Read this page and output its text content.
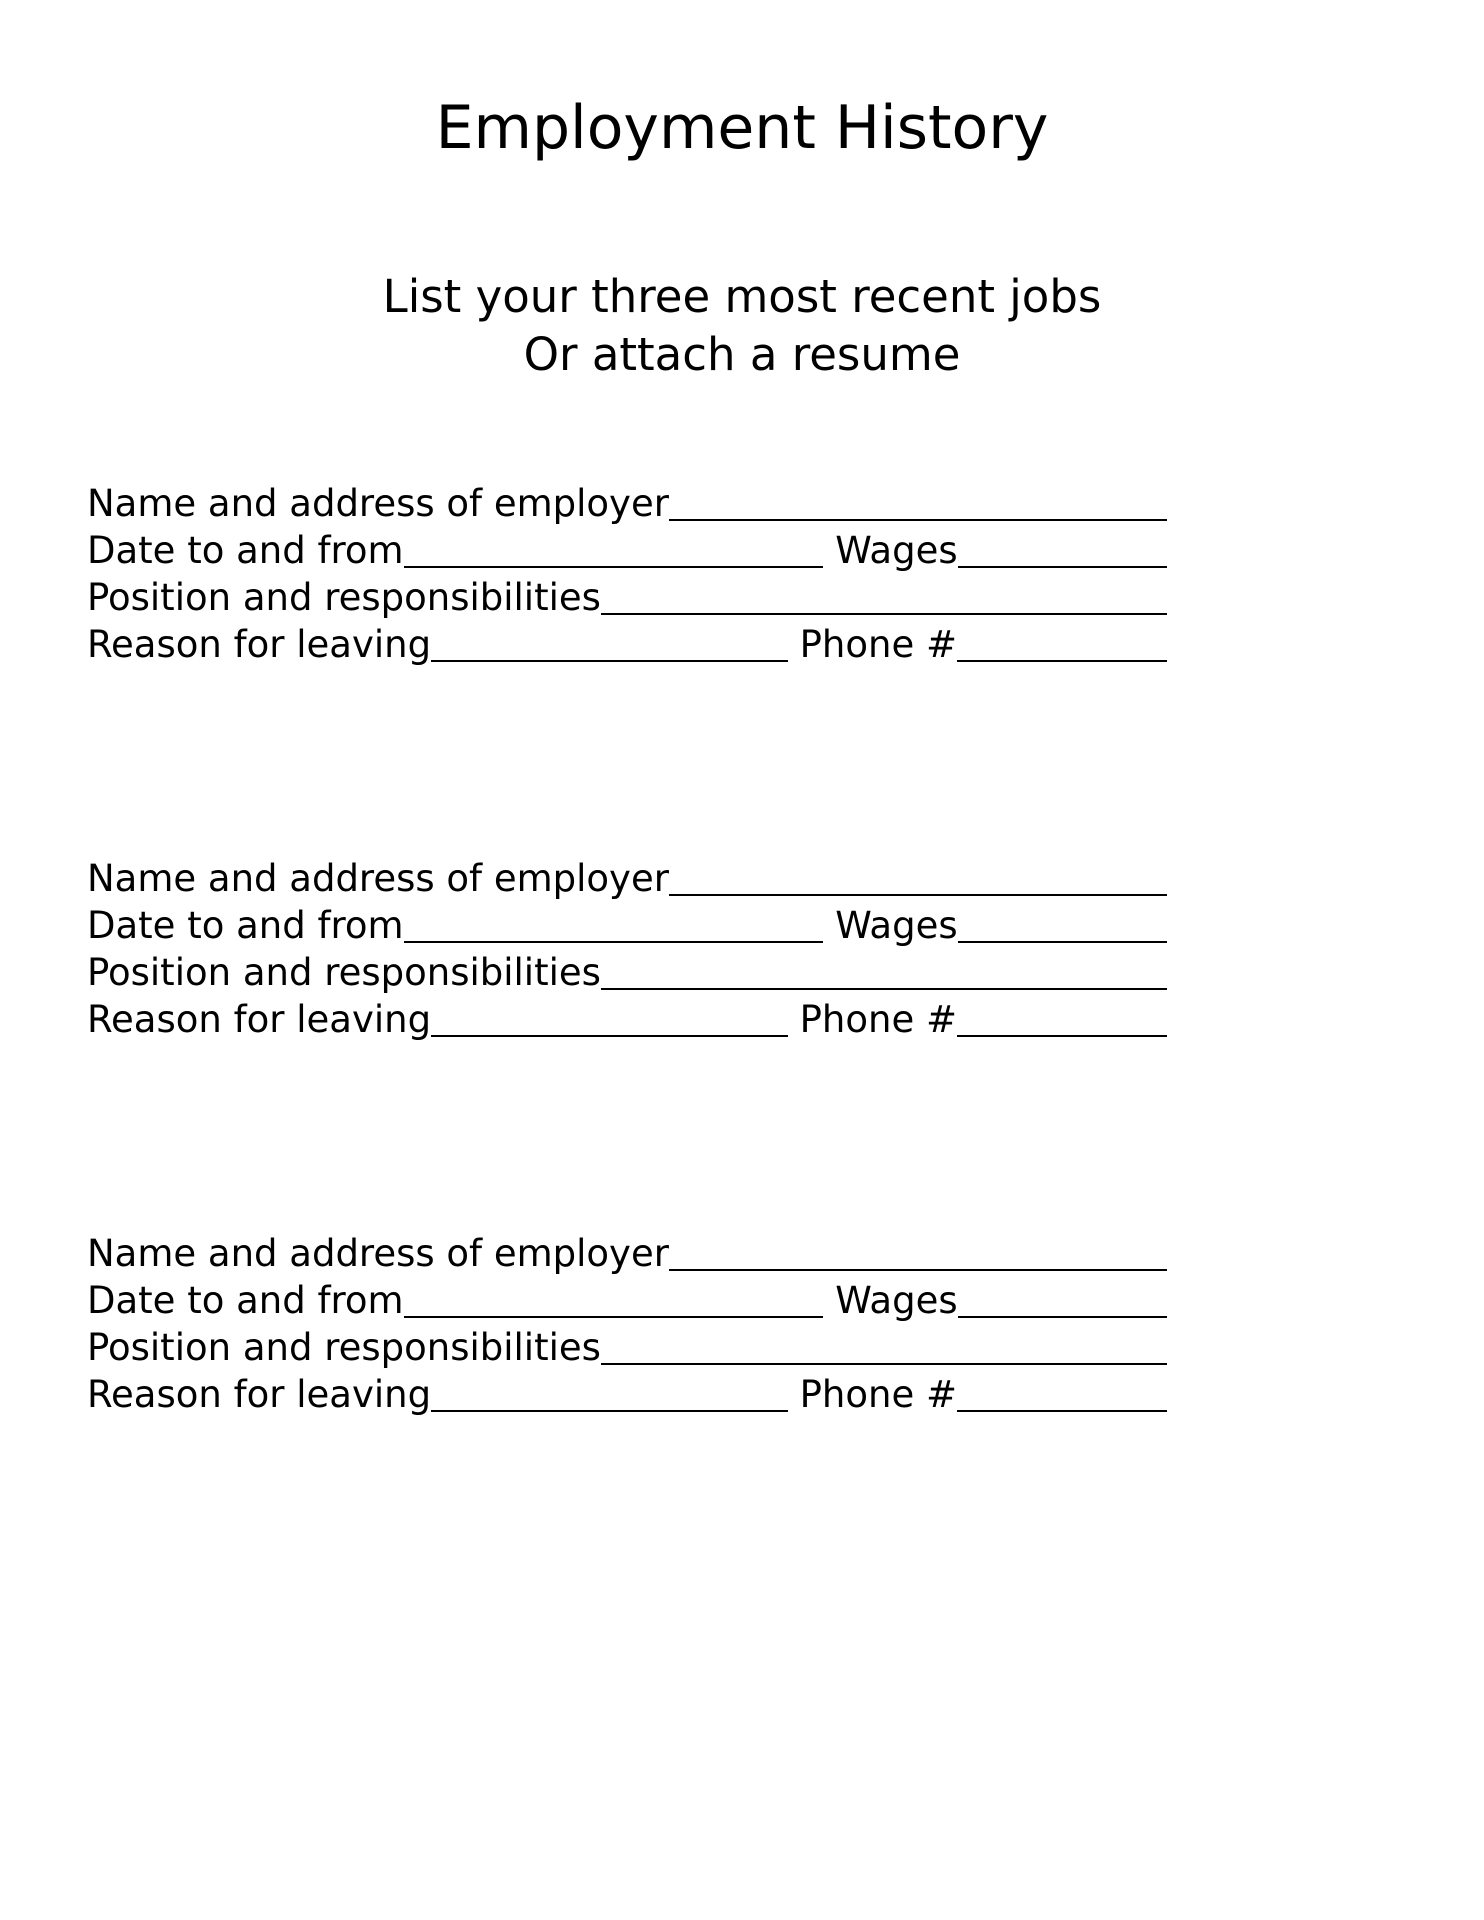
Employment History
List your three most recent jobs
Or attach a resume
Name and address of employer
Date to and from	Wages
Position and responsibilities
Reason for leaving	Phone #
Name and address of employer
Date to and from	Wages
Position and responsibilities
Reason for leaving	Phone #
Name and address of employer
Date to and from	Wages
Position and responsibilities
Reason for leaving	Phone #
